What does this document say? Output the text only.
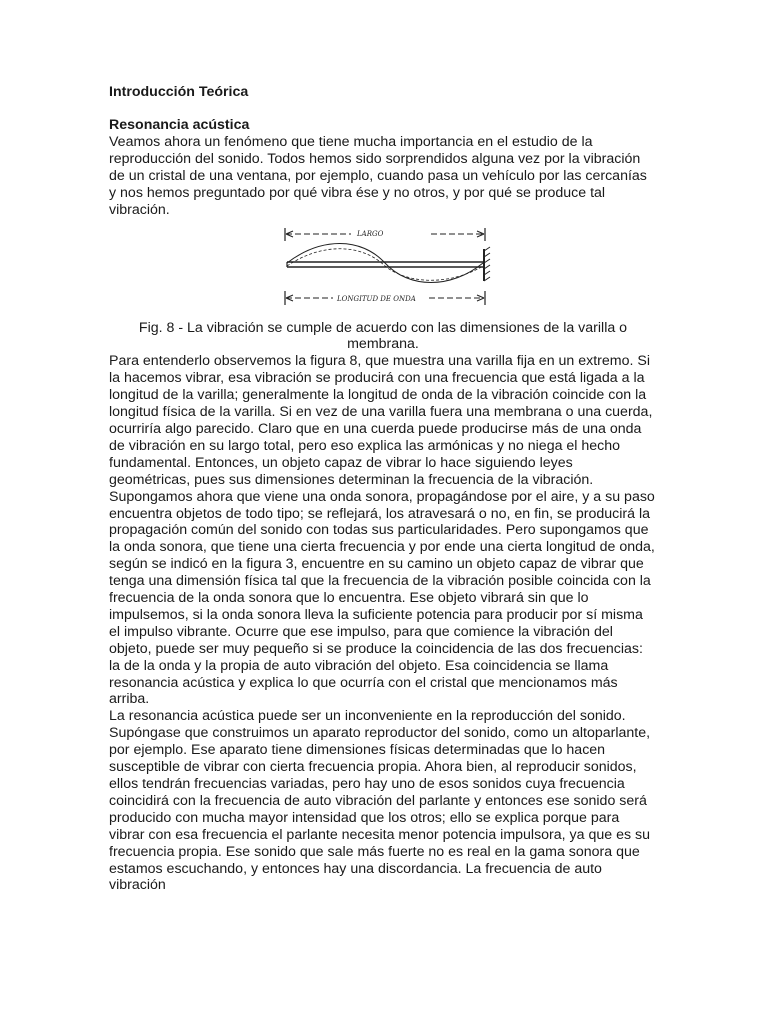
Introducción Teórica
Resonancia acústica

Veamos ahora un fenómeno que tiene mucha importancia en el estudio de la reproducción del sonido. Todos hemos sido sorprendidos alguna vez por la vibración de un cristal de una ventana, por ejemplo, cuando pasa un vehículo por las cercanías y nos hemos preguntado por qué vibra ése y no otros, y por qué se produce tal vibración.

LARGO
LONGITUD DE ONDA

Fig. 8 - La vibración se cumple de acuerdo con las dimensiones de la varilla o membrana.

Para entenderlo observemos la figura 8, que muestra una varilla fija en un extremo. Si la hacemos vibrar, esa vibración se producirá con una frecuencia que está ligada a la longitud de la varilla; generalmente la longitud de onda de la vibración coincide con la longitud física de la varilla. Si en vez de una varilla fuera una membrana o una cuerda, ocurriría algo parecido. Claro que en una cuerda puede producirse más de una onda de vibración en su largo total, pero eso explica las armónicas y no niega el hecho fundamental. Entonces, un objeto capaz de vibrar lo hace siguiendo leyes geométricas, pues sus dimensiones determinan la frecuencia de la vibración.

Supongamos ahora que viene una onda sonora, propagándose por el aire, y a su paso encuentra objetos de todo tipo; se reflejará, los atravesará o no, en fin, se producirá la propagación común del sonido con todas sus particularidades. Pero supongamos que la onda sonora, que tiene una cierta frecuencia y por ende una cierta longitud de onda, según se indicó en la figura 3, encuentre en su camino un objeto capaz de vibrar que tenga una dimensión física tal que la frecuencia de la vibración posible coincida con la frecuencia de la onda sonora que lo encuentra. Ese objeto vibrará sin que lo impulsemos, si la onda sonora lleva la suficiente potencia para producir por sí misma el impulso vibrante. Ocurre que ese impulso, para que comience la vibración del objeto, puede ser muy pequeño si se produce la coincidencia de las dos frecuencias: la de la onda y la propia de auto vibración del objeto. Esa coincidencia se llama resonancia acústica y explica lo que ocurría con el cristal que mencionamos más arriba.

La resonancia acústica puede ser un inconveniente en la reproducción del sonido. Supóngase que construimos un aparato reproductor del sonido, como un altoparlante, por ejemplo. Ese aparato tiene dimensiones físicas determinadas que lo hacen susceptible de vibrar con cierta frecuencia propia. Ahora bien, al reproducir sonidos, ellos tendrán frecuencias variadas, pero hay uno de esos sonidos cuya frecuencia coincidirá con la frecuencia de auto vibración del parlante y entonces ese sonido será producido con mucha mayor intensidad que los otros; ello se explica porque para vibrar con esa frecuencia el parlante necesita menor potencia impulsora, ya que es su frecuencia propia. Ese sonido que sale más fuerte no es real en la gama sonora que estamos escuchando, y entonces hay una discordancia. La frecuencia de auto vibración
